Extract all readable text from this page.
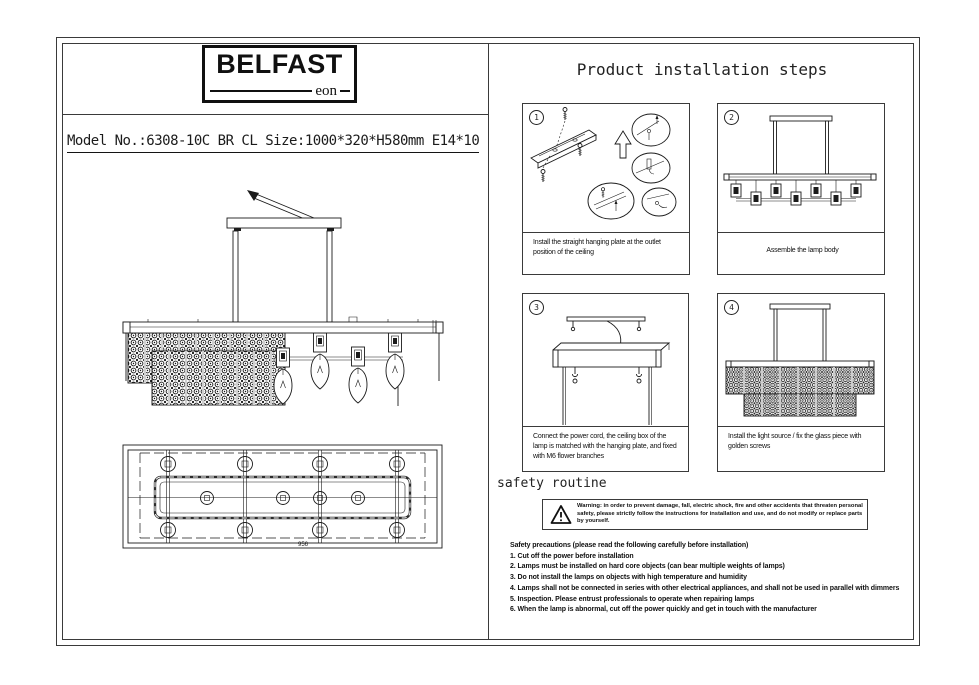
BELFAST
eon
Model No.:6308-10C BR CL Size:1000*320*H580mm E14*10
956
Product installation steps
1
Install the straight hanging plate at the outlet position of the ceiling
2
Assemble the lamp body
3
Connect the power cord, the ceiling box of the lamp is matched with the hanging plate, and fixed with M6 flower branches
4
Install the light source / fix the glass piece with golden screws
safety routine
Warning: in order to prevent damage, fall, electric shock, fire and other accidents that threaten personal safety, please strictly follow the instructions for installation and use, and do not modify or replace parts by yourself.
Safety precautions (please read the following carefully before installation)
1. Cut off the power before installation
2. Lamps must be installed on hard core objects (can bear multiple weights of lamps)
3. Do not install the lamps on objects with high temperature and humidity
4. Lamps shall not be connected in series with other electrical appliances, and shall not be used in parallel with dimmers
5. Inspection. Please entrust professionals to operate when repairing lamps
6. When the lamp is abnormal, cut off the power quickly and get in touch with the manufacturer
